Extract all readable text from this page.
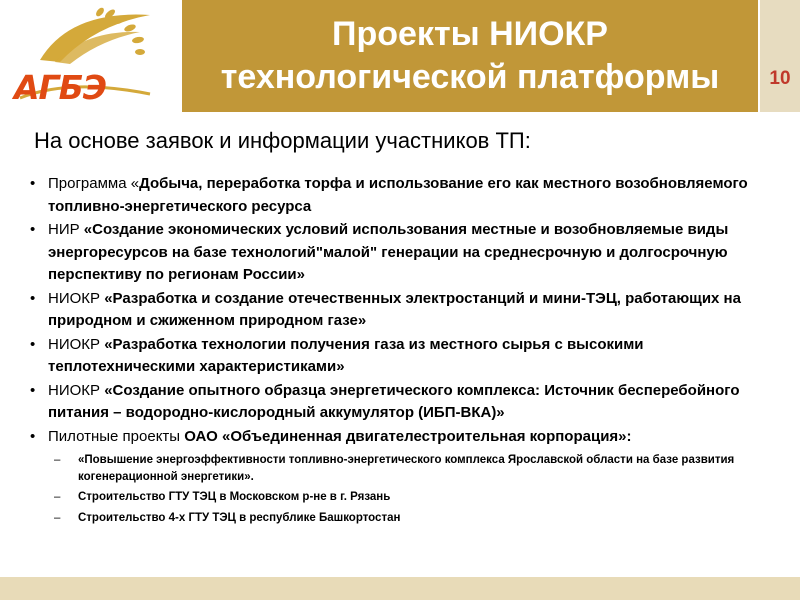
АГБЭ
Проекты НИОКР
технологической платформы	10
На основе заявок и информации участников ТП:
• Программа «Добыча, переработка торфа и использование его как местного возобновляемого топливно-энергетического ресурса
• НИР «Создание экономических условий использования местные и возобновляемые виды энергоресурсов на базе технологий"малой" генерации на среднесрочную и долгосрочную перспективу по регионам России»
• НИОКР «Разработка и создание отечественных электростанций и мини-ТЭЦ, работающих на природном и сжиженном природном газе»
• НИОКР «Разработка технологии получения газа из местного сырья с высокими теплотехническими характеристиками»
• НИОКР «Создание опытного образца энергетического комплекса: Источник бесперебойного питания – водородно-кислородный аккумулятор (ИБП-ВКА)»
• Пилотные проекты ОАО «Объединенная двигателестроительная корпорация»:
– «Повышение энергоэффективности топливно-энергетического комплекса Ярославской области на базе развития когенерационной энергетики».
– Строительство ГТУ ТЭЦ в Московском р-не в г. Рязань
– Строительство 4-х ГТУ ТЭЦ в республике Башкортостан
